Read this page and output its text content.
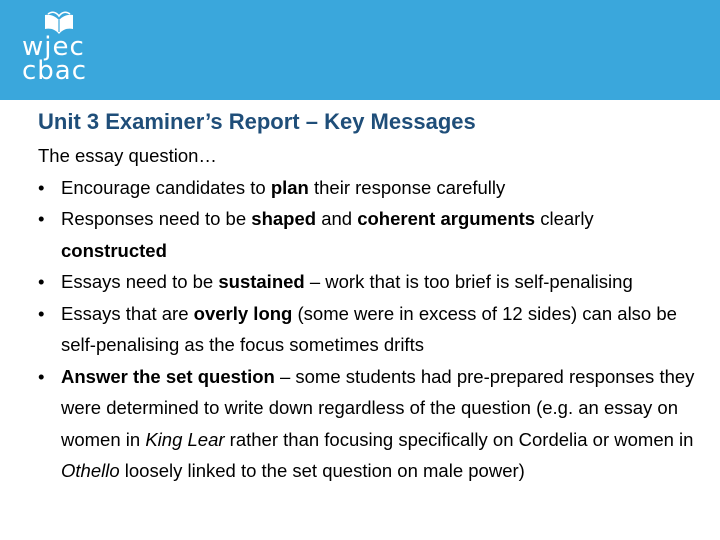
wjec
cbac
Unit 3 Examiner’s Report – Key Messages

The essay question…

• Encourage candidates to plan their response carefully
• Responses need to be shaped and coherent arguments clearly constructed
• Essays need to be sustained – work that is too brief is self-penalising
• Essays that are overly long (some were in excess of 12 sides) can also be self-penalising as the focus sometimes drifts
• Answer the set question – some students had pre-prepared responses they were determined to write down regardless of the question (e.g. an essay on women in King Lear rather than focusing specifically on Cordelia or women in Othello loosely linked to the set question on male power)
